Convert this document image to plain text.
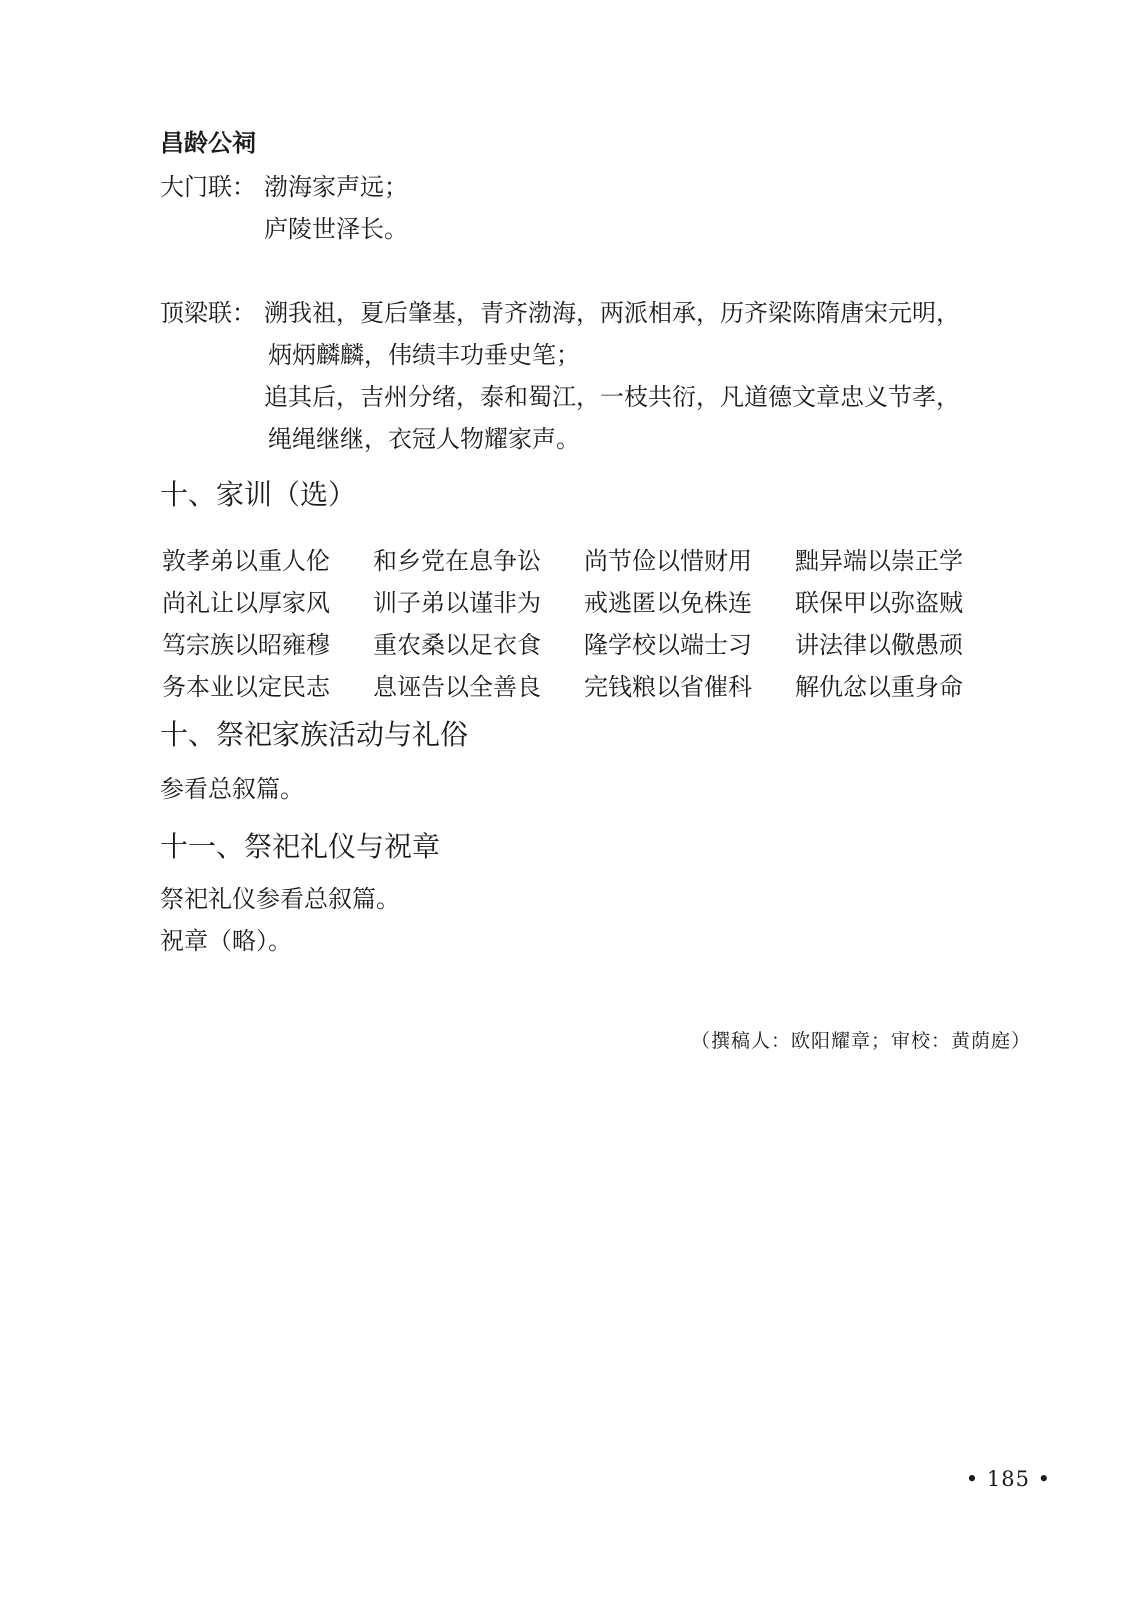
昌龄公祠
大门联： 渤海家声远；
庐陵世泽长。
顶梁联： 溯我祖，夏后肇基，青齐渤海，两派相承，历齐梁陈隋唐宋元明，
炳炳麟麟，伟绩丰功垂史笔；
追其后，吉州分绪，泰和蜀江，一枝共衍，凡道德文章忠义节孝，
绳绳继继，衣冠人物耀家声。
十、家训（选）
敦孝弟以重人伦	和乡党在息争讼	尚节俭以惜财用	黜异端以崇正学
尚礼让以厚家风	训子弟以谨非为	戒逃匿以免株连	联保甲以弥盗贼
笃宗族以昭雍穆	重农桑以足衣食	隆学校以端士习	讲法律以儆愚顽
务本业以定民志	息诬告以全善良	完钱粮以省催科	解仇忿以重身命
十、祭祀家族活动与礼俗
参看总叙篇。
十一、祭祀礼仪与祝章
祭祀礼仪参看总叙篇。
祝章（略）。
（撰稿人：欧阳耀章；审校：黄荫庭）
• 185 •
